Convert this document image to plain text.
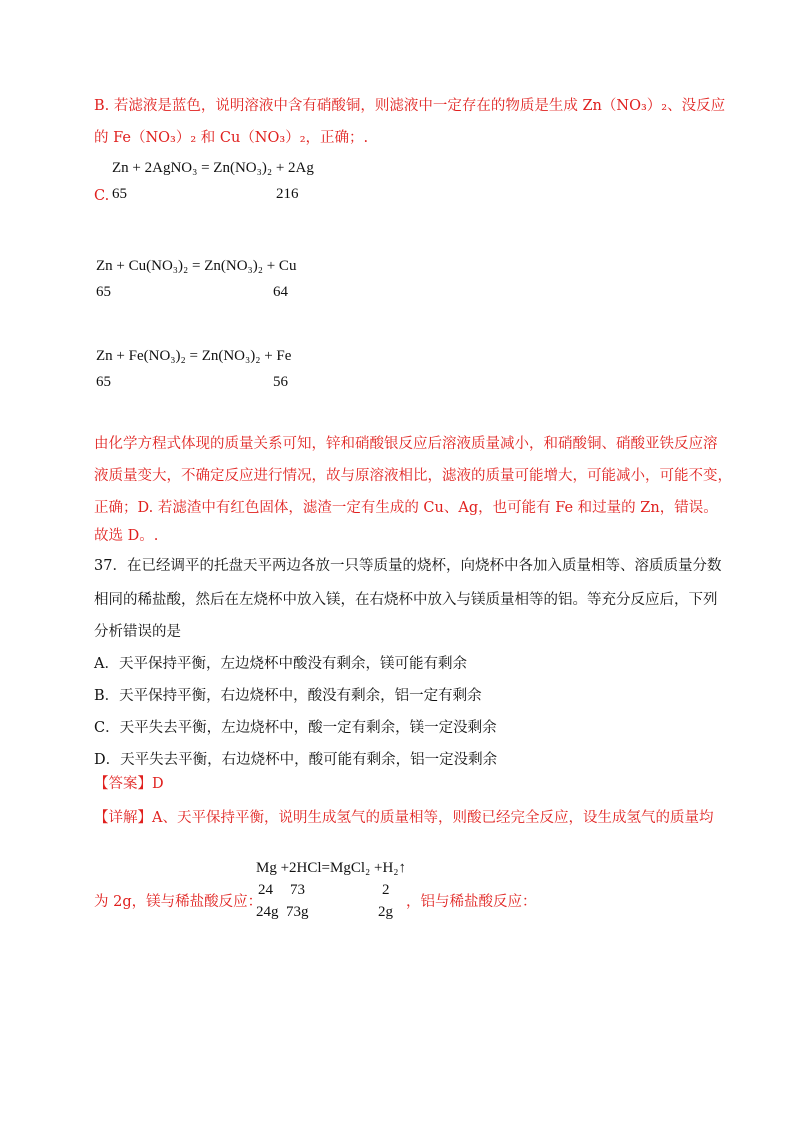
B. 若滤液是蓝色，说明溶液中含有硝酸铜，则滤液中一定存在的物质是生成 Zn（NO₃）₂、没反应
的 Fe（NO₃）₂ 和 Cu（NO₃）₂，正确；.
C.
Zn + 2AgNO₃ = Zn(NO₃)₂ + 2Ag
65	216
Zn + Cu(NO₃)₂ = Zn(NO₃)₂ + Cu
65	64
Zn + Fe(NO₃)₂ = Zn(NO₃)₂ + Fe
65	56
由化学方程式体现的质量关系可知，锌和硝酸银反应后溶液质量减小，和硝酸铜、硝酸亚铁反应溶
液质量变大，不确定反应进行情况，故与原溶液相比，滤液的质量可能增大，可能减小，可能不变，
正确；D. 若滤渣中有红色固体，滤渣一定有生成的 Cu、Ag，也可能有 Fe 和过量的 Zn，错误。
故选 D。.
37．在已经调平的托盘天平两边各放一只等质量的烧杯，向烧杯中各加入质量相等、溶质质量分数
相同的稀盐酸，然后在左烧杯中放入镁，在右烧杯中放入与镁质量相等的铝。等充分反应后，下列
分析错误的是
A．天平保持平衡，左边烧杯中酸没有剩余，镁可能有剩余
B．天平保持平衡，右边烧杯中，酸没有剩余，铝一定有剩余
C．天平失去平衡，左边烧杯中，酸一定有剩余，镁一定没剩余
D．天平失去平衡，右边烧杯中，酸可能有剩余，铝一定没剩余
【答案】D
【详解】A、天平保持平衡，说明生成氢气的质量相等，则酸已经完全反应，设生成氢气的质量均
为 2g，镁与稀盐酸反应：
Mg +2HCl=MgCl₂ +H₂↑
24 73	2
24g 73g	2g
，铝与稀盐酸反应：
